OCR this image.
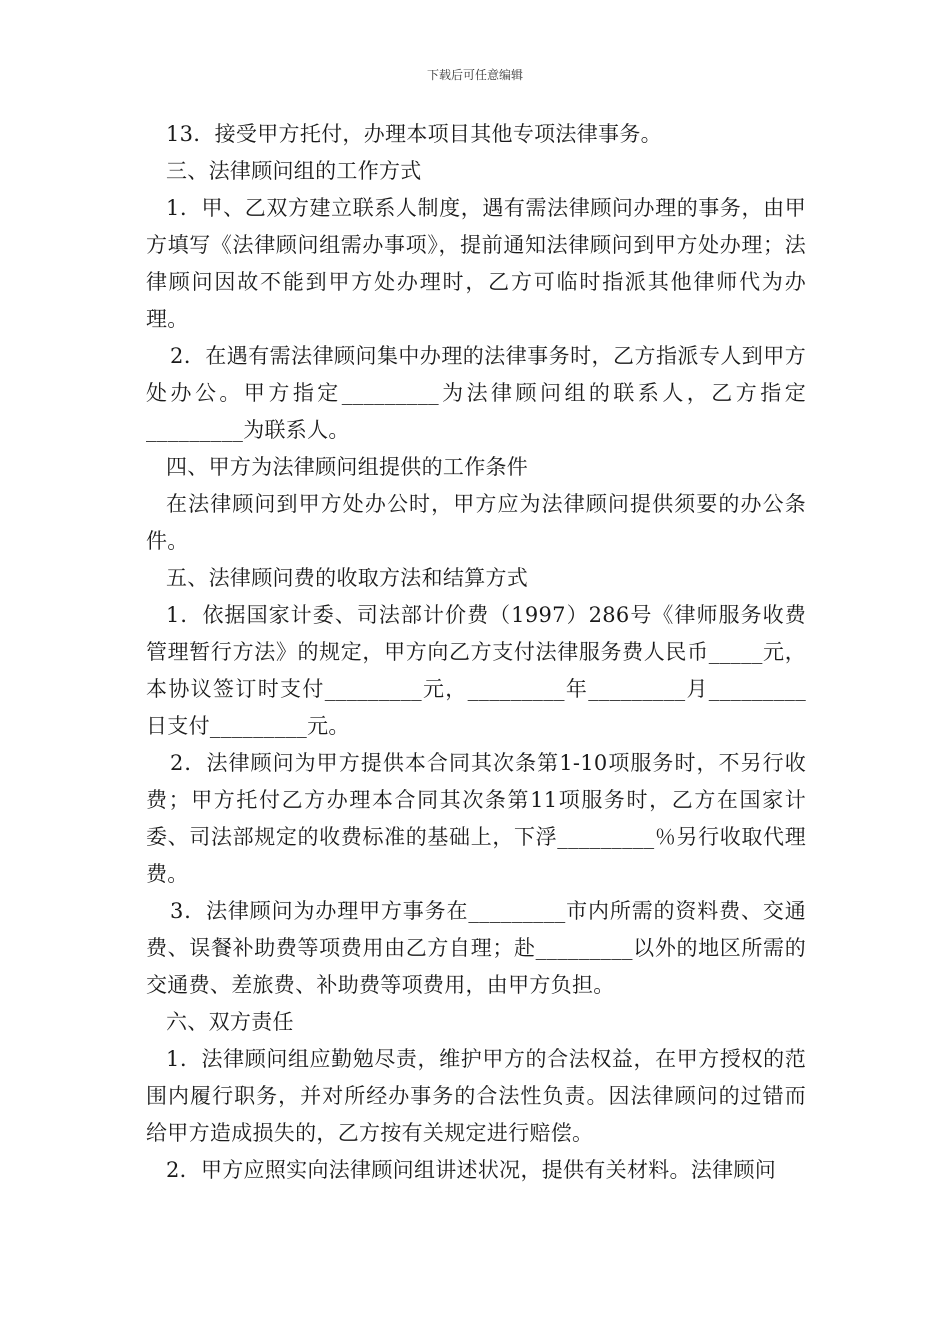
下载后可任意编辑

13．接受甲方托付，办理本项目其他专项法律事务。

三、法律顾问组的工作方式

1．甲、乙双方建立联系人制度，遇有需法律顾问办理的事务，由甲方填写《法律顾问组需办事项》，提前通知法律顾问到甲方处办理；法律顾问因故不能到甲方处办理时，乙方可临时指派其他律师代为办理。

2．在遇有需法律顾问集中办理的法律事务时，乙方指派专人到甲方处办公。甲方指定_________为法律顾问组的联系人，乙方指定_________为联系人。

四、甲方为法律顾问组提供的工作条件

在法律顾问到甲方处办公时，甲方应为法律顾问提供须要的办公条件。

五、法律顾问费的收取方法和结算方式

1．依据国家计委、司法部计价费（1997）286号《律师服务收费管理暂行方法》的规定，甲方向乙方支付法律服务费人民币_____元，本协议签订时支付_________元，_________年_________月_________日支付_________元。

2．法律顾问为甲方提供本合同其次条第1-10项服务时，不另行收费；甲方托付乙方办理本合同其次条第11项服务时，乙方在国家计委、司法部规定的收费标准的基础上，下浮_________％另行收取代理费。

3．法律顾问为办理甲方事务在_________市内所需的资料费、交通费、误餐补助费等项费用由乙方自理；赴_________以外的地区所需的交通费、差旅费、补助费等项费用，由甲方负担。

六、双方责任

1．法律顾问组应勤勉尽责，维护甲方的合法权益，在甲方授权的范围内履行职务，并对所经办事务的合法性负责。因法律顾问的过错而给甲方造成损失的，乙方按有关规定进行赔偿。

2．甲方应照实向法律顾问组讲述状况，提供有关材料。法律顾问
